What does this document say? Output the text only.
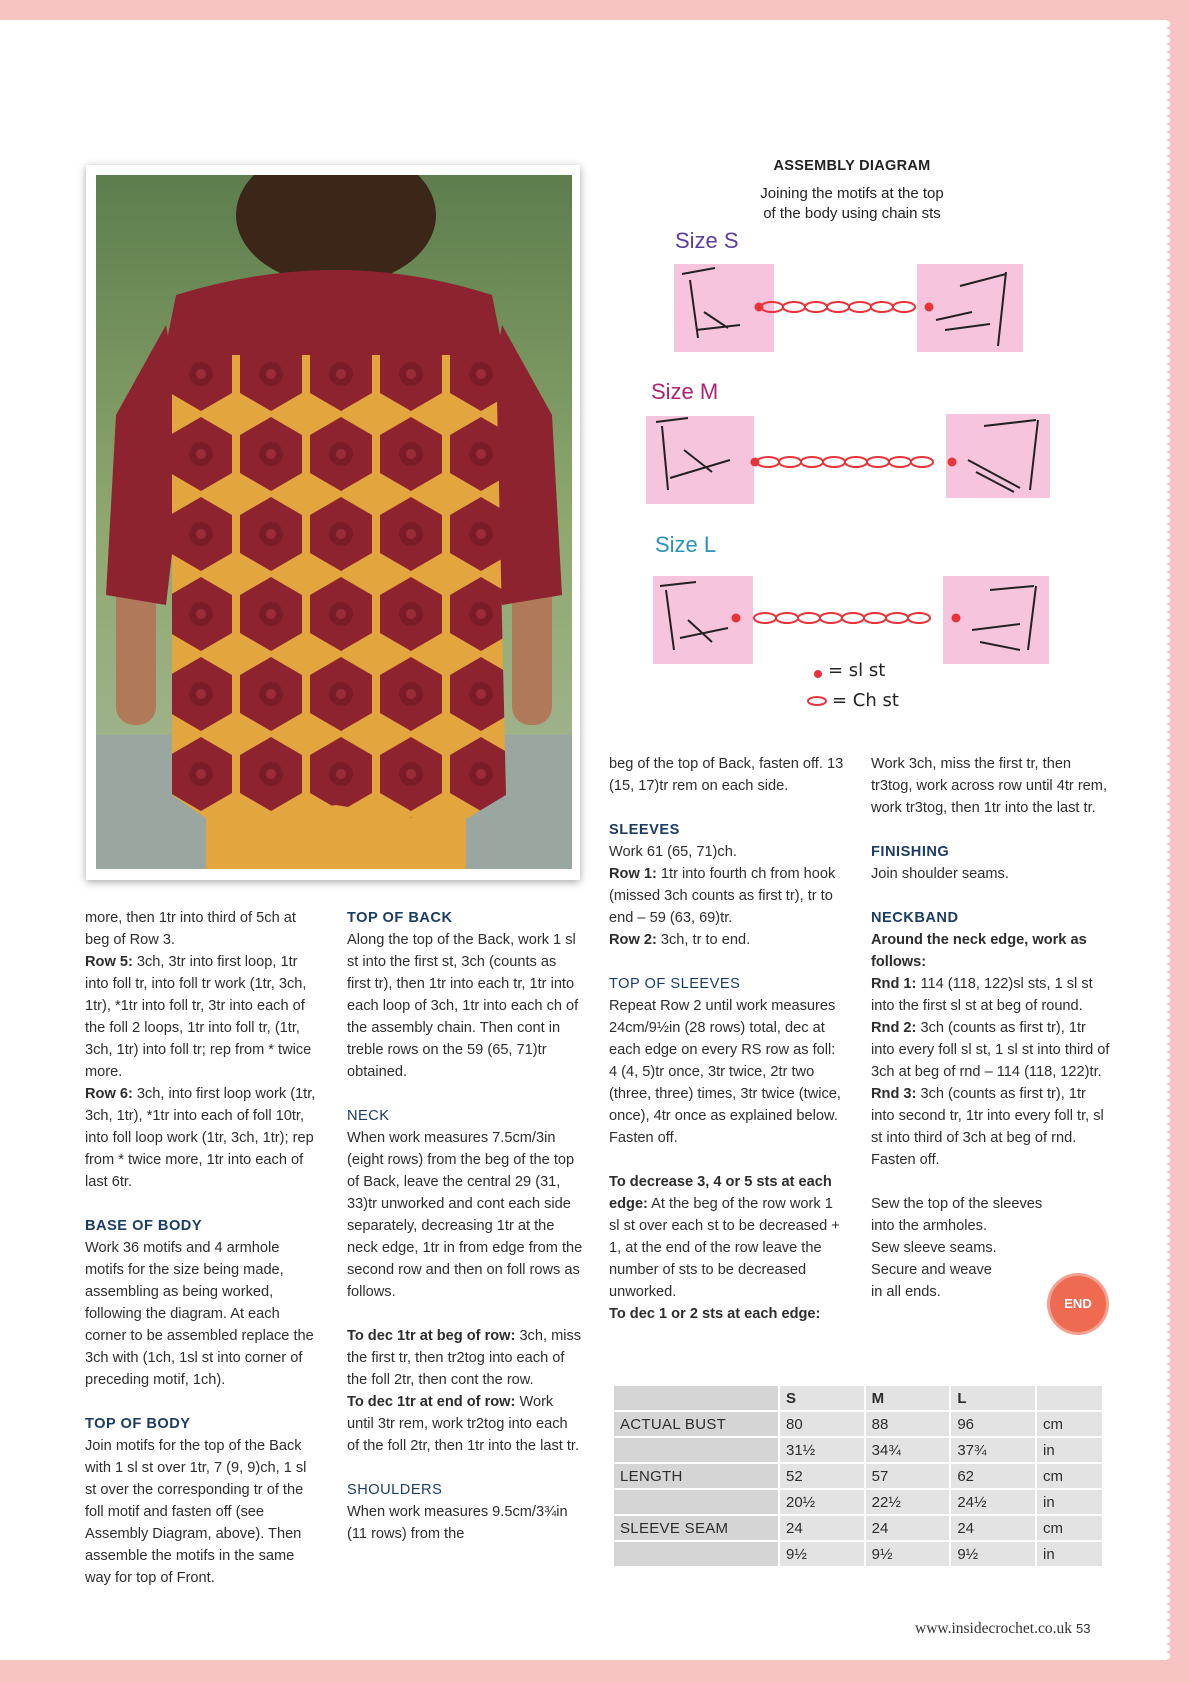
ASSEMBLY DIAGRAM
Joining the motifs at the top
of the body using chain sts
Size S
Size M
Size L
= sl st
= Ch st

more, then 1tr into third of 5ch at beg of Row 3.

Row 5: 3ch, 3tr into first loop, 1tr into foll tr, into foll tr work (1tr, 3ch, 1tr), *1tr into foll tr, 3tr into each of the foll 2 loops, 1tr into foll tr, (1tr, 3ch, 1tr) into foll tr; rep from * twice more.

Row 6: 3ch, into first loop work (1tr, 3ch, 1tr), *1tr into each of foll 10tr, into foll loop work (1tr, 3ch, 1tr); rep from * twice more, 1tr into each of last 6tr.

BASE OF BODY

Work 36 motifs and 4 armhole motifs for the size being made, assembling as being worked, following the diagram. At each corner to be assembled replace the 3ch with (1ch, 1sl st into corner of preceding motif, 1ch).

TOP OF BODY

Join motifs for the top of the Back with 1 sl st over 1tr, 7 (9, 9)ch, 1 sl st over the corresponding tr of the foll motif and fasten off (see Assembly Diagram, above). Then assemble the motifs in the same way for top of Front.

TOP OF BACK

Along the top of the Back, work 1 sl st into the first st, 3ch (counts as first tr), then 1tr into each tr, 1tr into each loop of 3ch, 1tr into each ch of the assembly chain. Then cont in treble rows on the 59 (65, 71)tr obtained.

NECK

When work measures 7.5cm/3in (eight rows) from the beg of the top of Back, leave the central 29 (31, 33)tr unworked and cont each side separately, decreasing 1tr at the neck edge, 1tr in from edge from the second row and then on foll rows as follows.

To dec 1tr at beg of row: 3ch, miss the first tr, then tr2tog into each of the foll 2tr, then cont the row.

To dec 1tr at end of row: Work until 3tr rem, work tr2tog into each of the foll 2tr, then 1tr into the last tr.

SHOULDERS

When work measures 9.5cm/3¾in (11 rows) from the

beg of the top of Back, fasten off. 13 (15, 17)tr rem on each side.

SLEEVES

Work 61 (65, 71)ch.

Row 1: 1tr into fourth ch from hook (missed 3ch counts as first tr), tr to end – 59 (63, 69)tr.

Row 2: 3ch, tr to end.

TOP OF SLEEVES

Repeat Row 2 until work measures 24cm/9½in (28 rows) total, dec at each edge on every RS row as foll: 4 (4, 5)tr once, 3tr twice, 2tr two (three, three) times, 3tr twice (twice, once), 4tr once as explained below.

Fasten off.

To decrease 3, 4 or 5 sts at each edge: At the beg of the row work 1 sl st over each st to be decreased + 1, at the end of the row leave the number of sts to be decreased unworked.

To dec 1 or 2 sts at each edge:

Work 3ch, miss the first tr, then tr3tog, work across row until 4tr rem, work tr3tog, then 1tr into the last tr.

FINISHING

Join shoulder seams.

NECKBAND

Around the neck edge, work as follows:

Rnd 1: 114 (118, 122)sl sts, 1 sl st into the first sl st at beg of round.

Rnd 2: 3ch (counts as first tr), 1tr into every foll sl st, 1 sl st into third of 3ch at beg of rnd – 114 (118, 122)tr.

Rnd 3: 3ch (counts as first tr), 1tr into second tr, 1tr into every foll tr, sl st into third of 3ch at beg of rnd.

Fasten off.

Sew the top of the sleeves

into the armholes.

Sew sleeve seams.

Secure and weave

in all ends.

END
	S	M	L	
ACTUAL BUST	80	88	96	cm
	31½	34¾	37¾	in
LENGTH	52	57	62	cm
	20½	22½	24½	in
SLEEVE SEAM	24	24	24	cm
	9½	9½	9½	in
www.insidecrochet.co.uk 53
